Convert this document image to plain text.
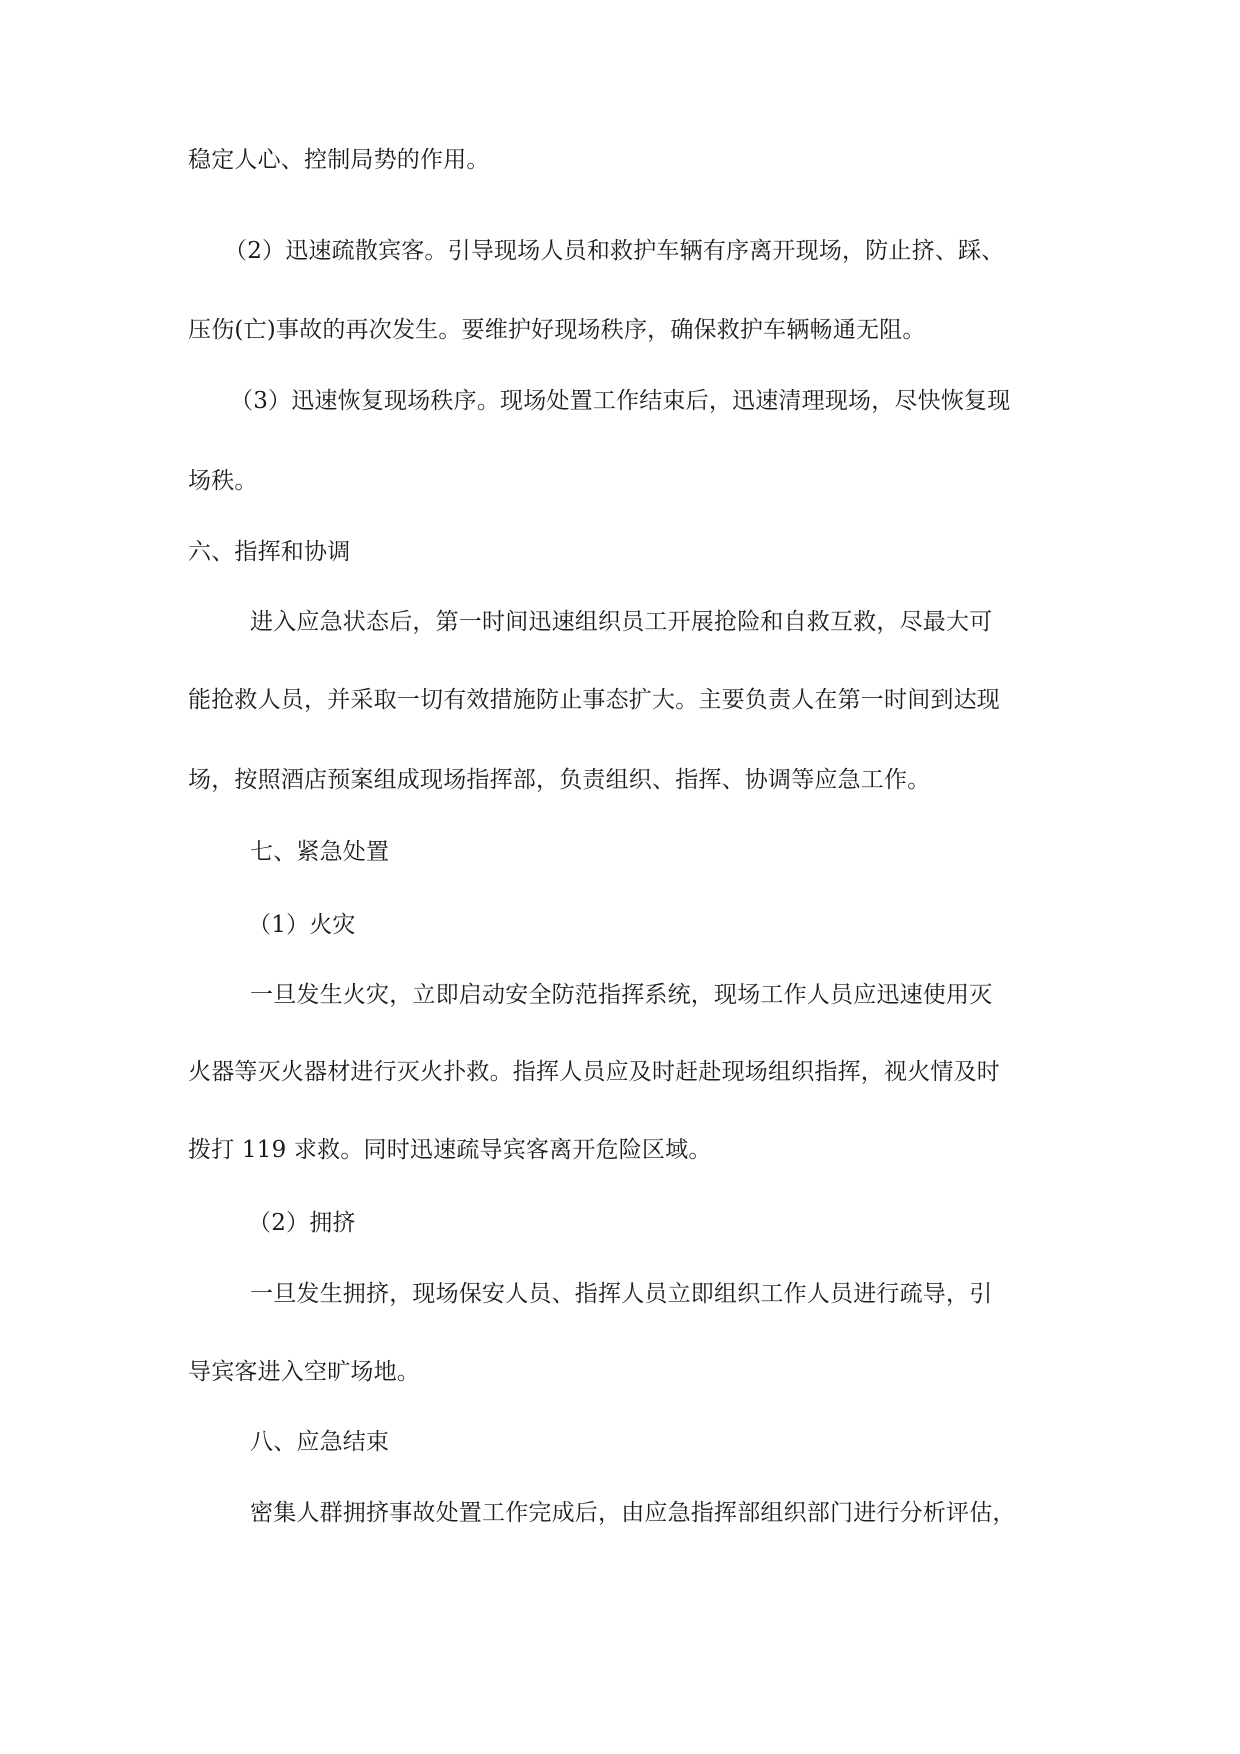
稳定人心、控制局势的作用。
（2）迅速疏散宾客。引导现场人员和救护车辆有序离开现场，防止挤、踩、
压伤(亡)事故的再次发生。要维护好现场秩序，确保救护车辆畅通无阻。
（3）迅速恢复现场秩序。现场处置工作结束后，迅速清理现场，尽快恢复现
场秩。
六、指挥和协调
进入应急状态后，第一时间迅速组织员工开展抢险和自救互救，尽最大可
能抢救人员，并采取一切有效措施防止事态扩大。主要负责人在第一时间到达现
场，按照酒店预案组成现场指挥部，负责组织、指挥、协调等应急工作。
七、紧急处置
（1）火灾
一旦发生火灾，立即启动安全防范指挥系统，现场工作人员应迅速使用灭
火器等灭火器材进行灭火扑救。指挥人员应及时赶赴现场组织指挥，视火情及时
拨打 119 求救。同时迅速疏导宾客离开危险区域。
（2）拥挤
一旦发生拥挤，现场保安人员、指挥人员立即组织工作人员进行疏导，引
导宾客进入空旷场地。
八、应急结束
密集人群拥挤事故处置工作完成后，由应急指挥部组织部门进行分析评估，
